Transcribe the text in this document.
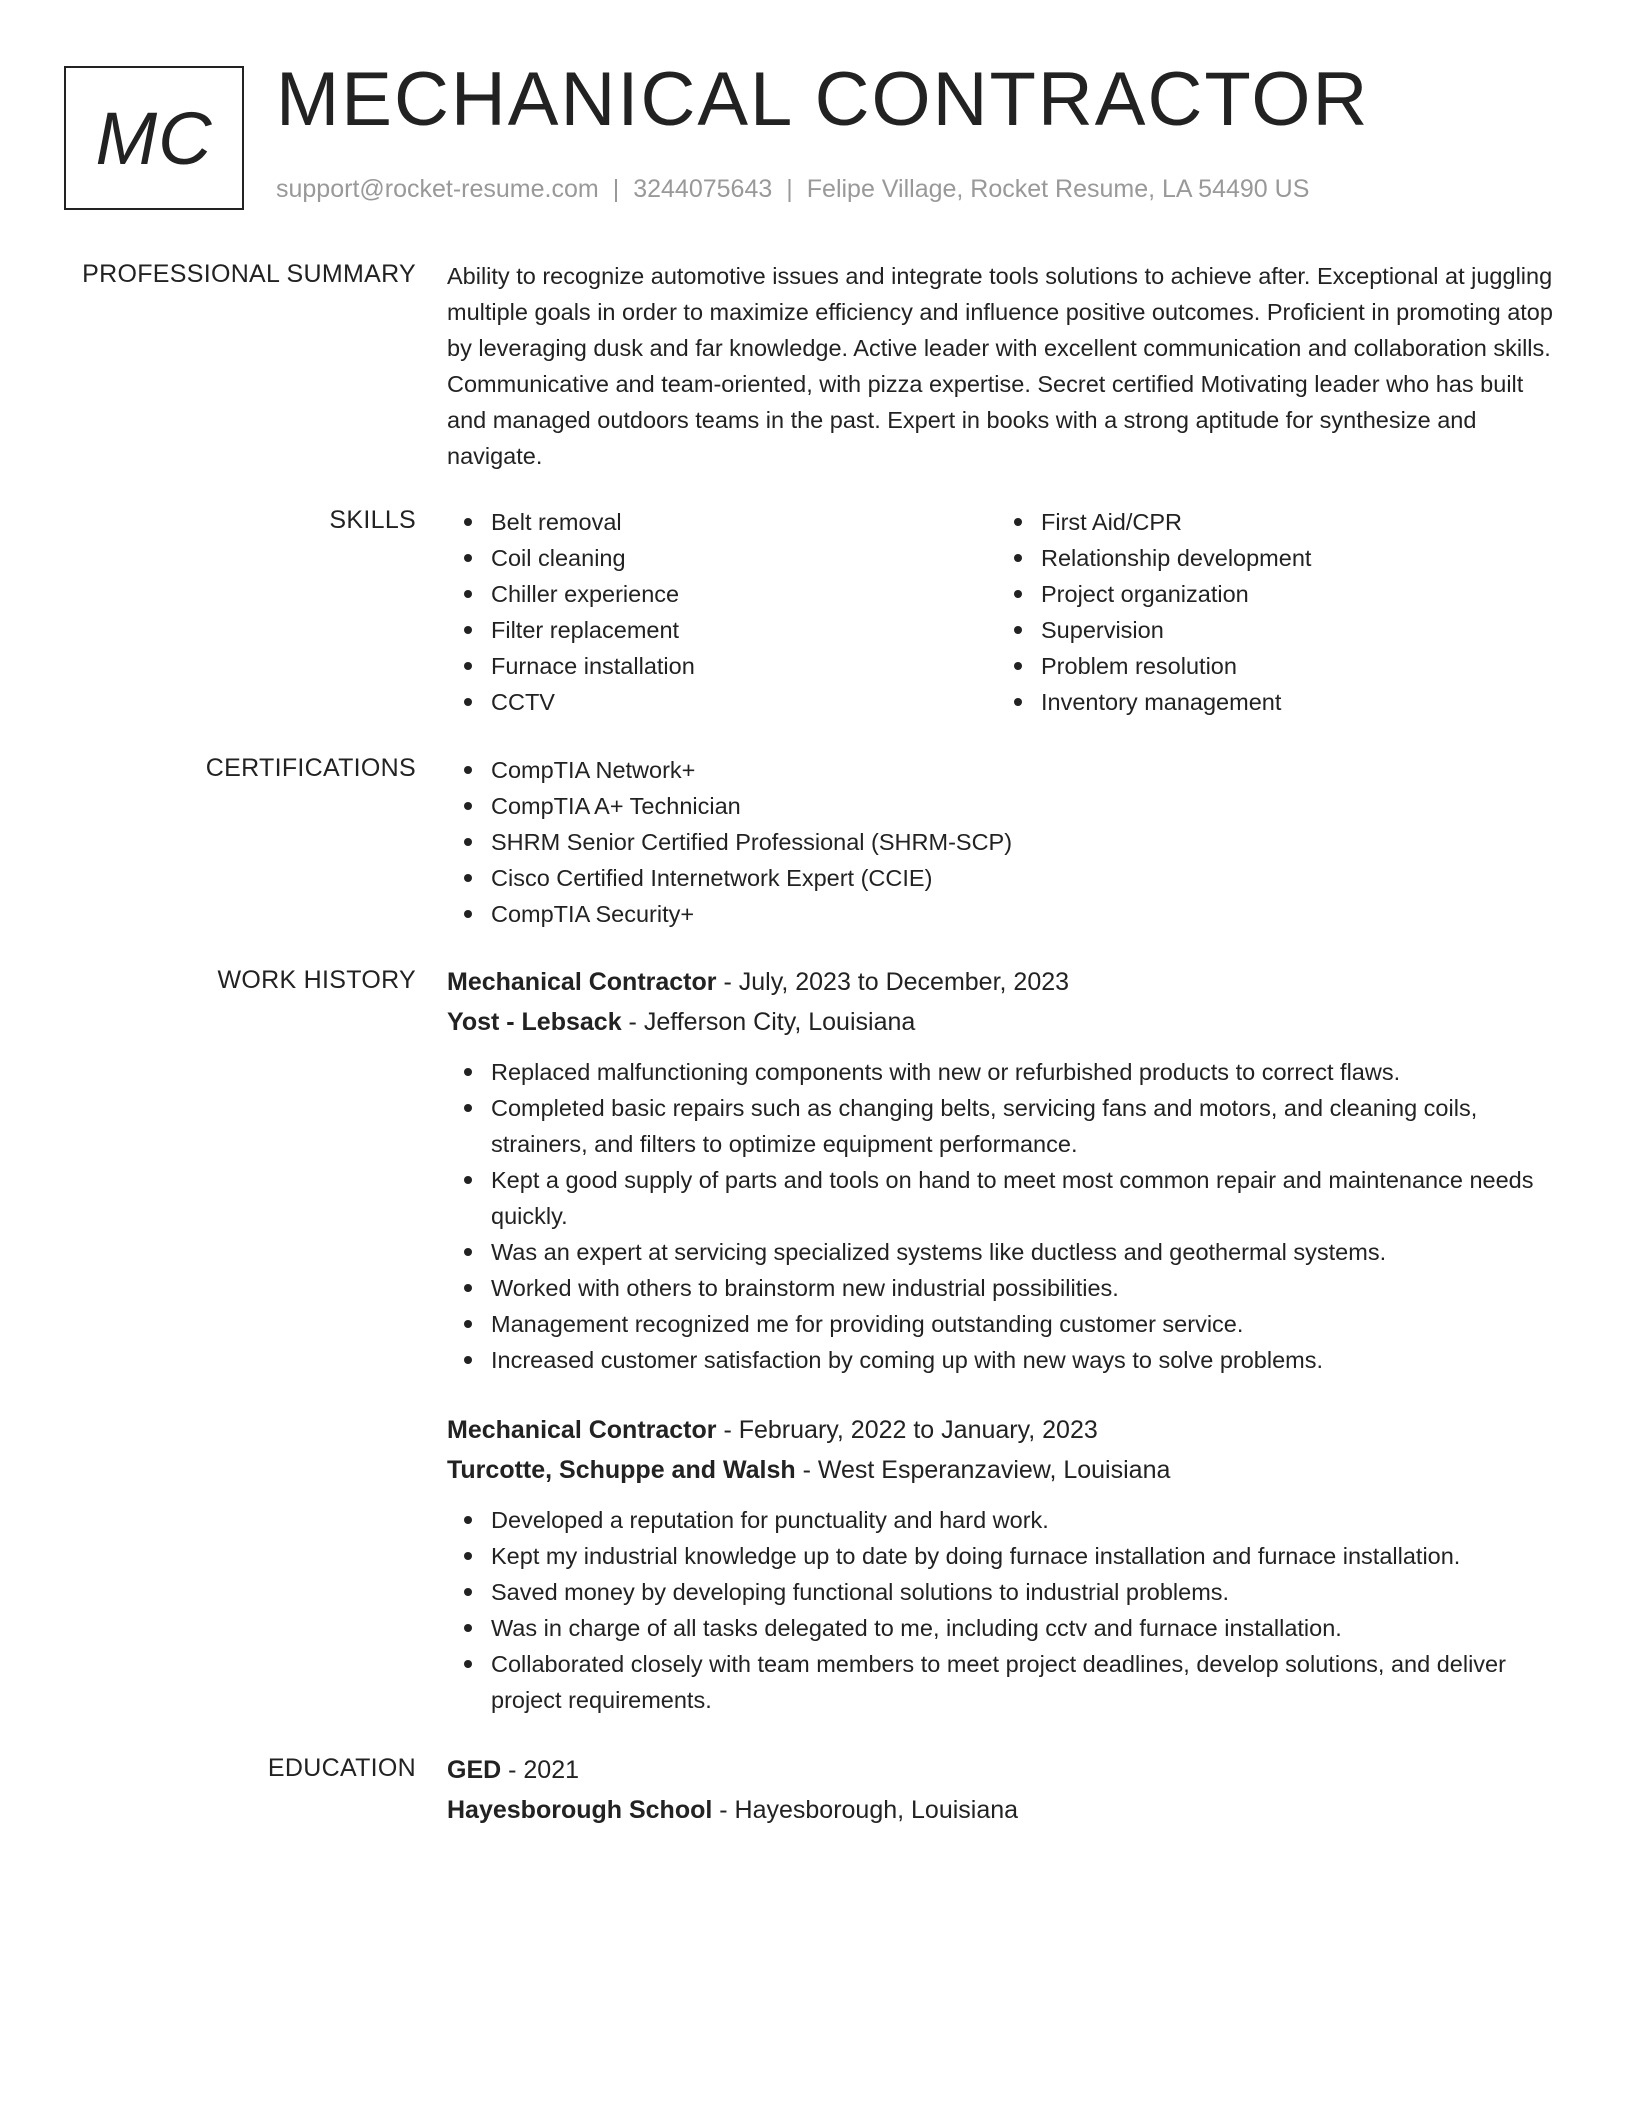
MC MECHANICAL CONTRACTOR
support@rocket-resume.com | 3244075643 | Felipe Village, Rocket Resume, LA 54490 US
PROFESSIONAL SUMMARY Ability to recognize automotive issues and integrate tools solutions to achieve after. Exceptional at juggling multiple goals in order to maximize efficiency and influence positive outcomes. Proficient in promoting atop by leveraging dusk and far knowledge. Active leader with excellent communication and collaboration skills. Communicative and team-oriented, with pizza expertise. Secret certified Motivating leader who has built and managed outdoors teams in the past. Expert in books with a strong aptitude for synthesize and navigate.
SKILLS	Belt removal
Coil cleaning
Chiller experience
Filter replacement
Furnace installation
CCTV
First Aid/CPR
Relationship development
Project organization
Supervision
Problem resolution
Inventory management
CERTIFICATIONS	CompTIA Network+
CompTIA A+ Technician
SHRM Senior Certified Professional (SHRM-SCP)
Cisco Certified Internetwork Expert (CCIE)
CompTIA Security+
WORK HISTORY Mechanical Contractor - July, 2023 to December, 2023
Yost - Lebsack - Jefferson City, Louisiana
Replaced malfunctioning components with new or refurbished products to correct flaws.
Completed basic repairs such as changing belts, servicing fans and motors, and cleaning coils, strainers, and filters to optimize equipment performance.
Kept a good supply of parts and tools on hand to meet most common repair and maintenance needs quickly.
Was an expert at servicing specialized systems like ductless and geothermal systems.
Worked with others to brainstorm new industrial possibilities.
Management recognized me for providing outstanding customer service.
Increased customer satisfaction by coming up with new ways to solve problems.
Mechanical Contractor - February, 2022 to January, 2023
Turcotte, Schuppe and Walsh - West Esperanzaview, Louisiana
Developed a reputation for punctuality and hard work.
Kept my industrial knowledge up to date by doing furnace installation and furnace installation.
Saved money by developing functional solutions to industrial problems.
Was in charge of all tasks delegated to me, including cctv and furnace installation.
Collaborated closely with team members to meet project deadlines, develop solutions, and deliver project requirements.
EDUCATION GED - 2021
Hayesborough School - Hayesborough, Louisiana
